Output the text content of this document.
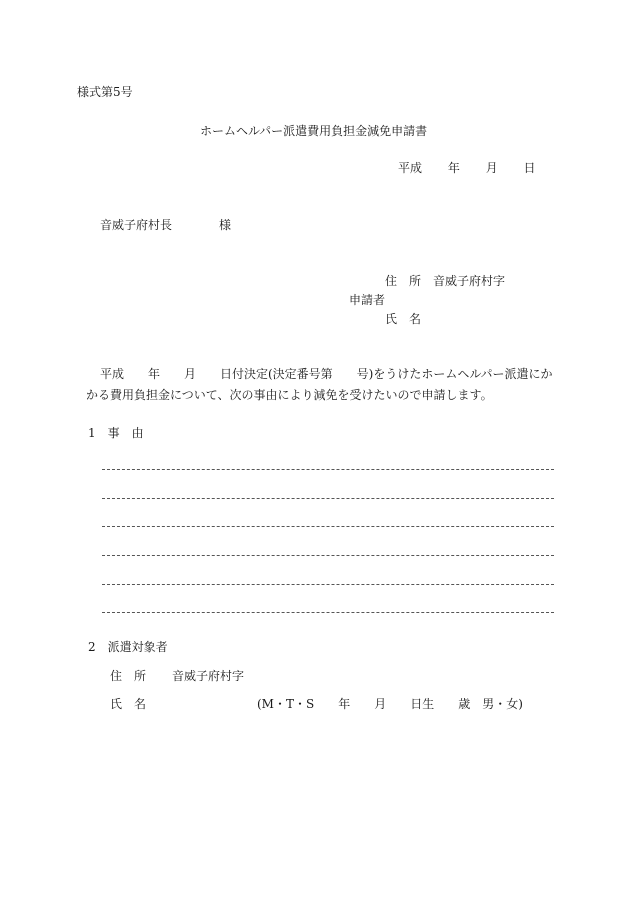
様式第5号
ホームヘルパー派遣費用負担金減免申請書
平成 年 月 日
音威子府村長	様
住　所 音威子府村字
申請者
氏　名
平成　　年　　月　　日付決定(決定番号第　　号)をうけたホームヘルパー派遣にか
かる費用負担金について、次の事由により減免を受けたいので申請します。
1　事　由
2　派遣対象者
住　所 音威子府村字
氏　名	(M・T・S　　年　　月　　日生　　歳　男・女)
